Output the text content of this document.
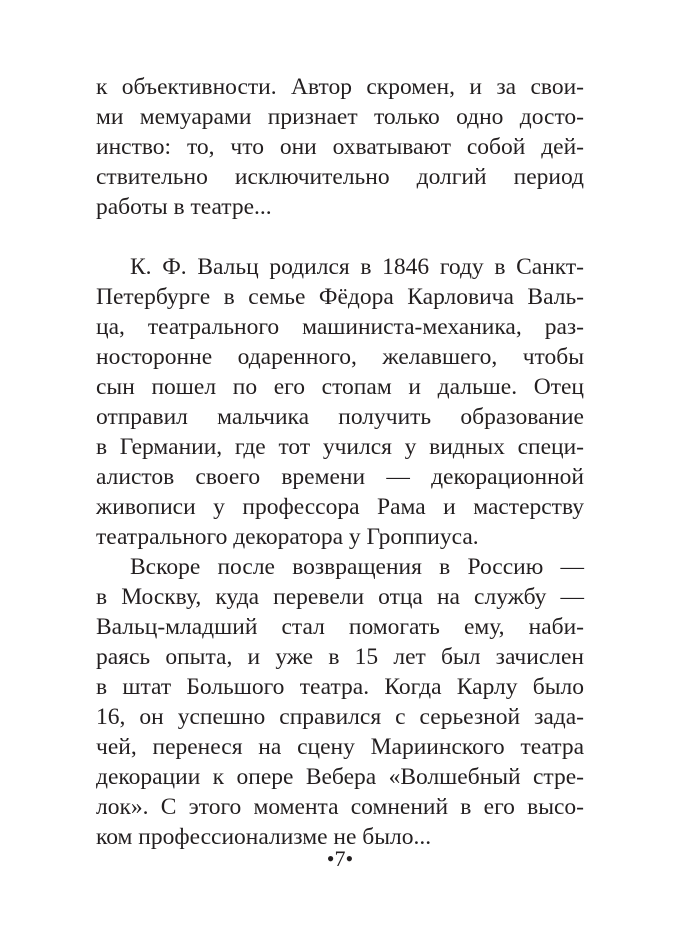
к объективности. Автор скромен, и за свои-
ми мемуарами признает только одно досто-
инство: то, что они охватывают собой дей-
ствительно исключительно долгий период
работы в театре...
К. Ф. Вальц родился в 1846 году в Санкт-
Петербурге в семье Фёдора Карловича Валь-
ца, театрального машиниста-механика, раз-
носторонне одаренного, желавшего, чтобы
сын пошел по его стопам и дальше. Отец
отправил мальчика получить образование
в Германии, где тот учился у видных специ-
алистов своего времени — декорационной
живописи у профессора Рама и мастерству
театрального декоратора у Гроппиуса.
Вскоре после возвращения в Россию —
в Москву, куда перевели отца на службу —
Вальц-младший стал помогать ему, наби-
раясь опыта, и уже в 15 лет был зачислен
в штат Большого театра. Когда Карлу было
16, он успешно справился с серьезной зада-
чей, перенеся на сцену Мариинского театра
декорации к опере Вебера «Волшебный стре-
лок». С этого момента сомнений в его высо-
ком профессионализме не было...
•7•
